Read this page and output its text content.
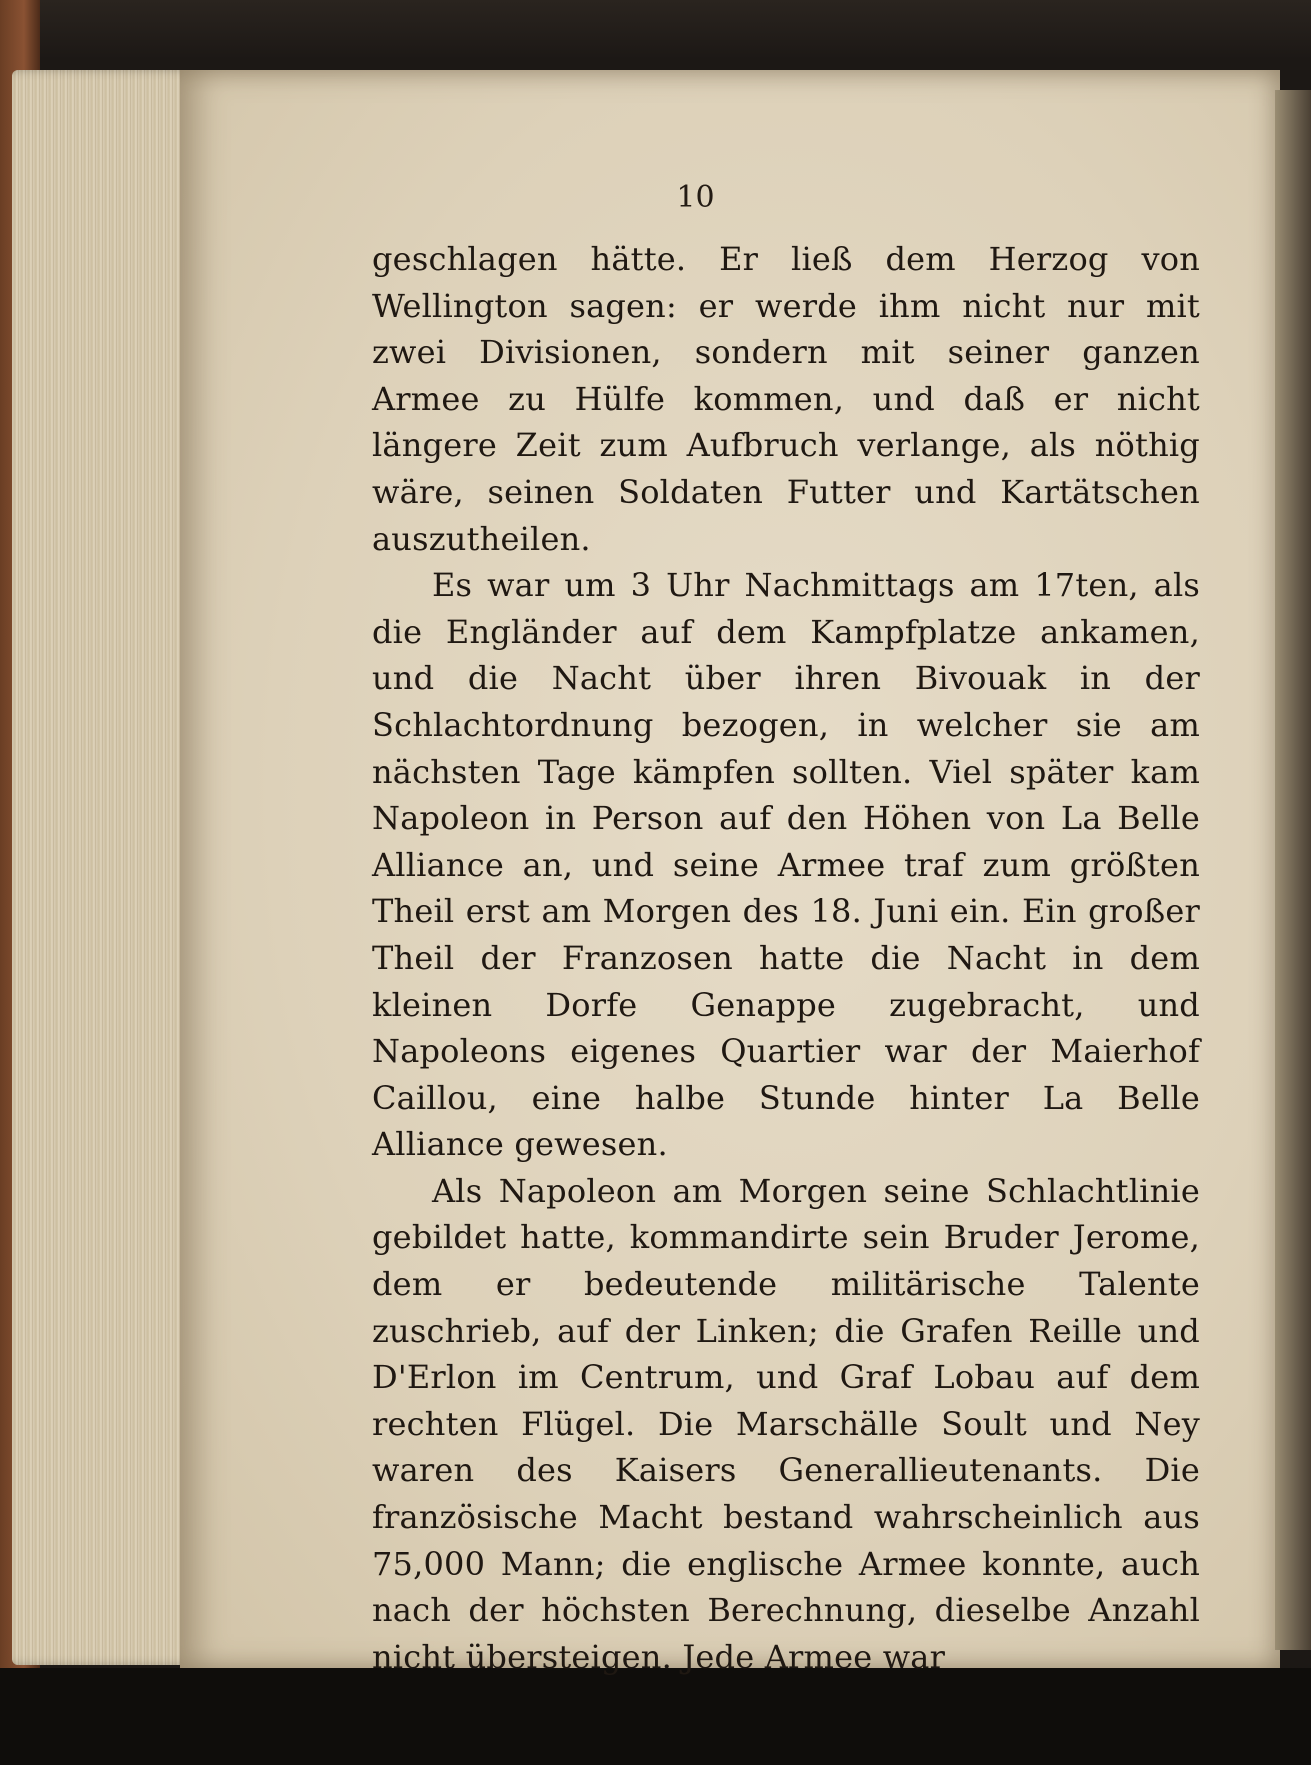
10

geschlagen hätte. Er ließ dem Herzog von Wellington sagen: er werde ihm nicht nur mit zwei Divisionen, sondern mit seiner ganzen Armee zu Hülfe kommen, und daß er nicht längere Zeit zum Aufbruch verlange, als nöthig wäre, seinen Soldaten Futter und Kartätschen auszutheilen.

Es war um 3 Uhr Nachmittags am 17ten, als die Engländer auf dem Kampfplatze ankamen, und die Nacht über ihren Bivouak in der Schlachtordnung bezogen, in welcher sie am nächsten Tage kämpfen sollten. Viel später kam Napoleon in Person auf den Höhen von La Belle Alliance an, und seine Armee traf zum größten Theil erst am Morgen des 18. Juni ein. Ein großer Theil der Franzosen hatte die Nacht in dem kleinen Dorfe Genappe zugebracht, und Napoleons eigenes Quartier war der Maierhof Caillou, eine halbe Stunde hinter La Belle Alliance gewesen.

Als Napoleon am Morgen seine Schlachtlinie gebildet hatte, kommandirte sein Bruder Jerome, dem er bedeutende militärische Talente zuschrieb, auf der Linken; die Grafen Reille und D'Erlon im Centrum, und Graf Lobau auf dem rechten Flügel. Die Marschälle Soult und Ney waren des Kaisers Generallieutenants. Die französische Macht bestand wahrscheinlich aus 75,000 Mann; die englische Armee konnte, auch nach der höchsten Berechnung, dieselbe Anzahl nicht übersteigen. Jede Armee war
